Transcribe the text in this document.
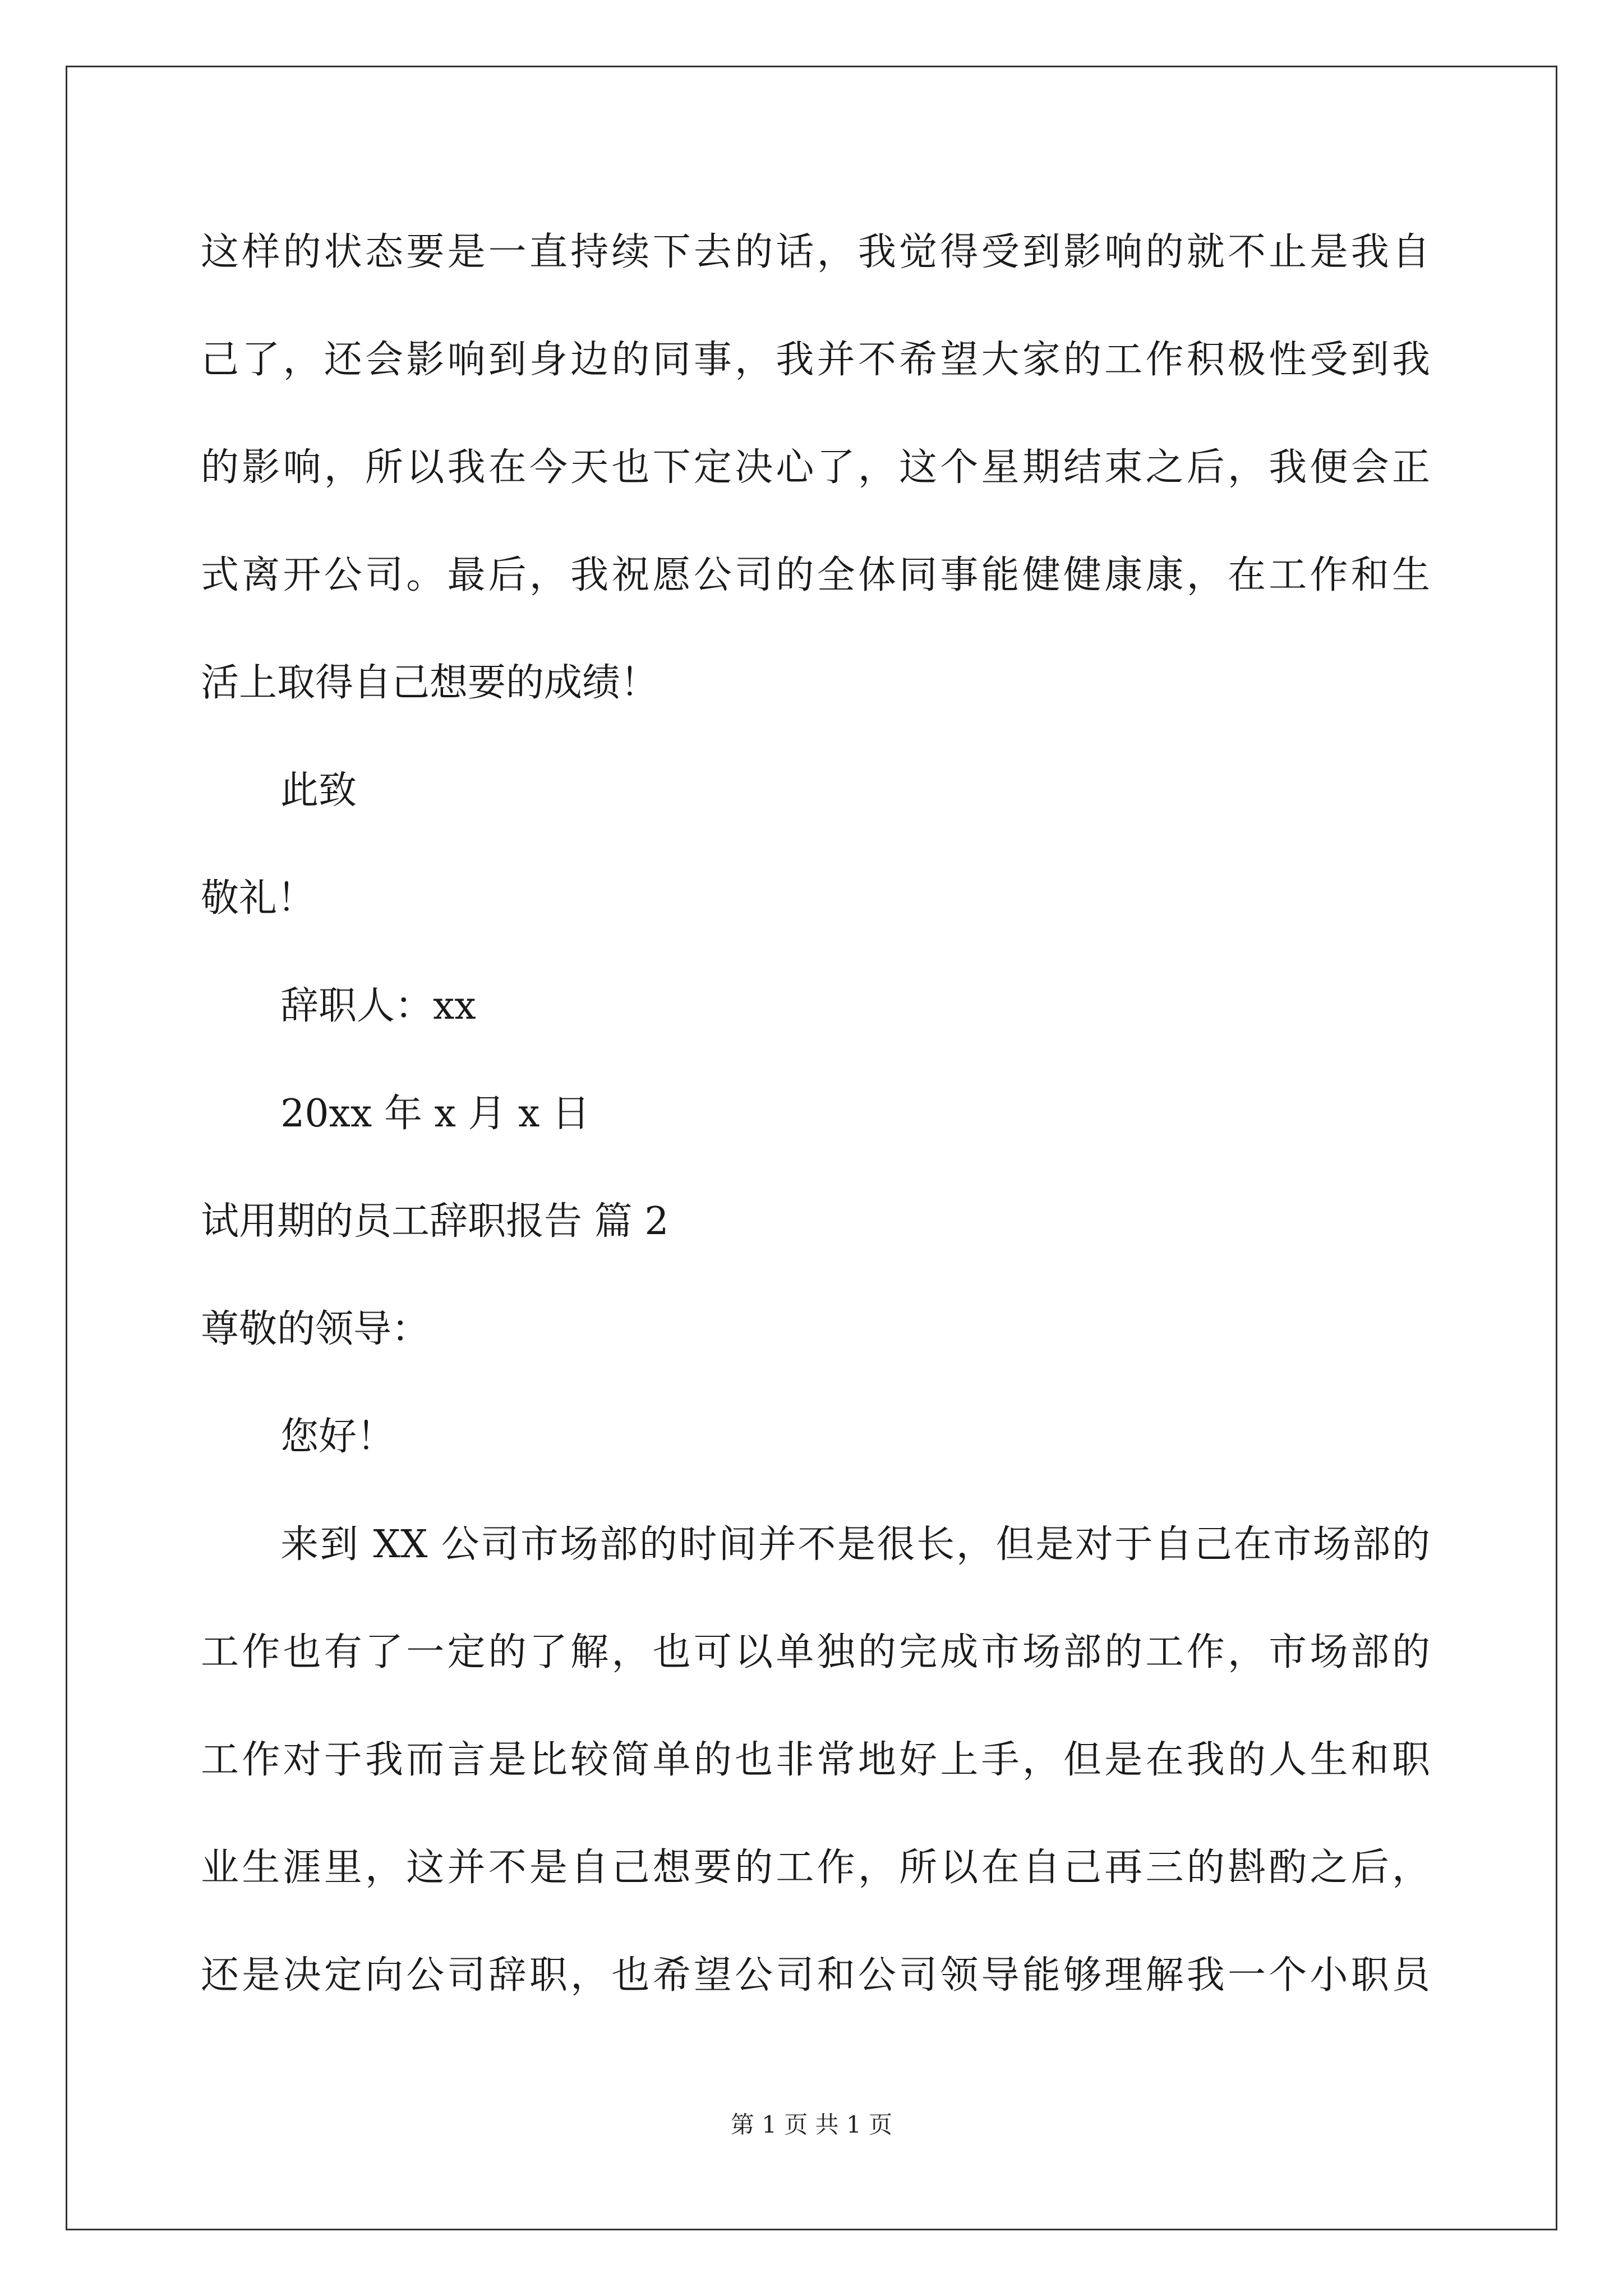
这样的状态要是一直持续下去的话，我觉得受到影响的就不止是我自
己了，还会影响到身边的同事，我并不希望大家的工作积极性受到我
的影响，所以我在今天也下定决心了，这个星期结束之后，我便会正
式离开公司。最后，我祝愿公司的全体同事能健健康康，在工作和生
活上取得自己想要的成绩！
此致
敬礼！
辞职人：xx
20xx 年 x 月 x 日
试用期的员工辞职报告 篇 2
尊敬的领导：
您好！
来到 XX 公司市场部的时间并不是很长，但是对于自己在市场部的
工作也有了一定的了解，也可以单独的完成市场部的工作，市场部的
工作对于我而言是比较简单的也非常地好上手，但是在我的人生和职
业生涯里，这并不是自己想要的工作，所以在自己再三的斟酌之后，
还是决定向公司辞职，也希望公司和公司领导能够理解我一个小职员
第 1 页 共 1 页
